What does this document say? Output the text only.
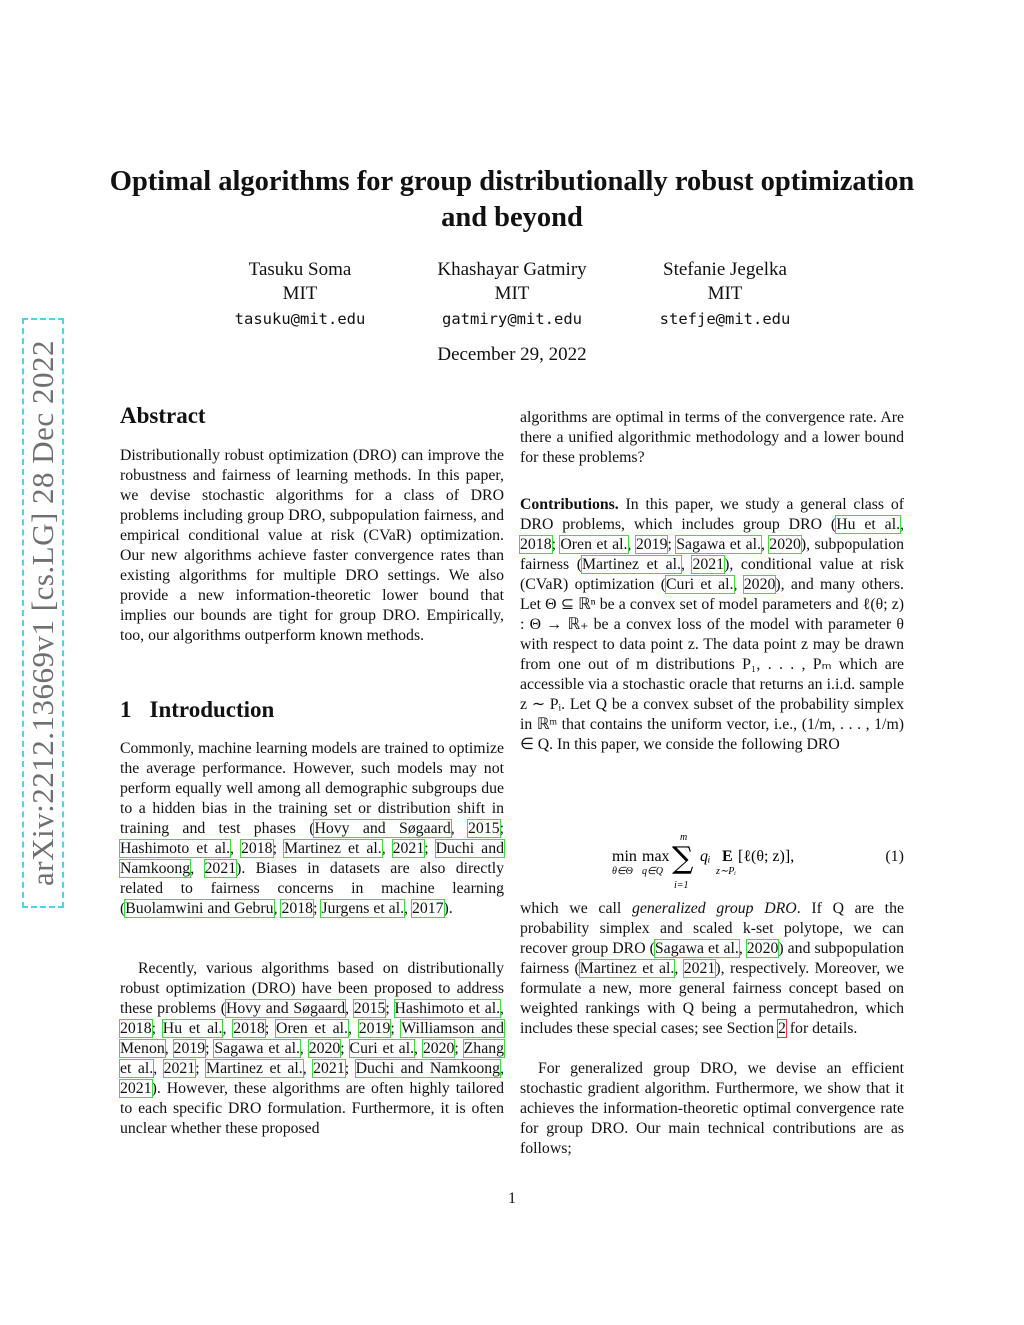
arXiv:2212.13669v1 [cs.LG] 28 Dec 2022
Optimal algorithms for group distributionally robust optimization and beyond
Tasuku Soma
MIT
tasuku@mit.edu
Khashayar Gatmiry
MIT
gatmiry@mit.edu
Stefanie Jegelka
MIT
stefje@mit.edu
December 29, 2022
Abstract
Distributionally robust optimization (DRO) can improve the robustness and fairness of learning methods. In this paper, we devise stochastic algorithms for a class of DRO problems including group DRO, subpopulation fairness, and empirical conditional value at risk (CVaR) optimization. Our new algorithms achieve faster convergence rates than existing algorithms for multiple DRO settings. We also provide a new information-theoretic lower bound that implies our bounds are tight for group DRO. Empirically, too, our algorithms outperform known methods.
1 Introduction
Commonly, machine learning models are trained to optimize the average performance. However, such models may not perform equally well among all demographic subgroups due to a hidden bias in the training set or distribution shift in training and test phases (Hovy and Søgaard, 2015; Hashimoto et al., 2018; Martinez et al., 2021; Duchi and Namkoong, 2021). Biases in datasets are also directly related to fairness concerns in machine learning (Buolamwini and Gebru, 2018; Jurgens et al., 2017).
Recently, various algorithms based on distributionally robust optimization (DRO) have been proposed to address these problems (Hovy and Søgaard, 2015; Hashimoto et al., 2018; Hu et al., 2018; Oren et al., 2019; Williamson and Menon, 2019; Sagawa et al., 2020; Curi et al., 2020; Zhang et al., 2021; Martinez et al., 2021; Duchi and Namkoong, 2021). However, these algorithms are often highly tailored to each specific DRO formulation. Furthermore, it is often unclear whether these proposed
algorithms are optimal in terms of the convergence rate. Are there a unified algorithmic methodology and a lower bound for these problems?
Contributions. In this paper, we study a general class of DRO problems, which includes group DRO (Hu et al., 2018; Oren et al., 2019; Sagawa et al., 2020), subpopulation fairness (Martinez et al., 2021), conditional value at risk (CVaR) optimization (Curi et al., 2020), and many others. Let Θ ⊆ ℝⁿ be a convex set of model parameters and ℓ(θ; z) : Θ → ℝ₊ be a convex loss of the model with parameter θ with respect to data point z. The data point z may be drawn from one out of m distributions P₁, . . . , Pₘ which are accessible via a stochastic oracle that returns an i.i.d. sample z ∼ Pᵢ. Let Q be a convex subset of the probability simplex in ℝᵐ that contains the uniform vector, i.e., (1/m, . . . , 1/m) ∈ Q. In this paper, we conside the following DRO
min
θ∈Θ
max
q∈Q
m
∑
i=1
qᵢ E
z∼Pᵢ
[ℓ(θ; z)],	(1)
which we call generalized group DRO. If Q are the probability simplex and scaled k-set polytope, we can recover group DRO (Sagawa et al., 2020) and subpopulation fairness (Martinez et al., 2021), respectively. Moreover, we formulate a new, more general fairness concept based on weighted rankings with Q being a permutahedron, which includes these special cases; see Section 2 for details.
For generalized group DRO, we devise an efficient stochastic gradient algorithm. Furthermore, we show that it achieves the information-theoretic optimal convergence rate for group DRO. Our main technical contributions are as follows;
1
